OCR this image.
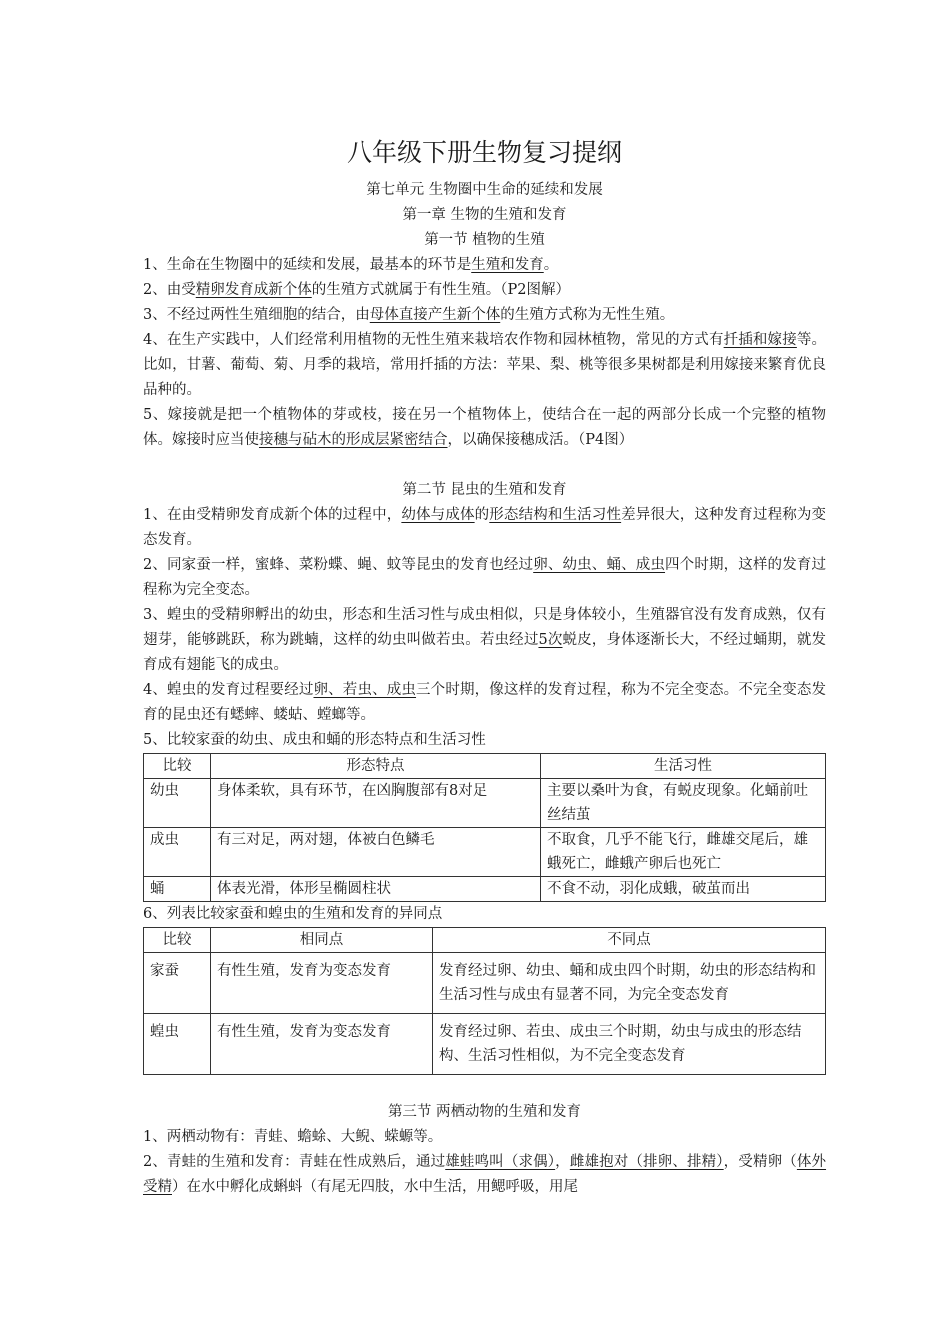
八年级下册生物复习提纲
第七单元 生物圈中生命的延续和发展
第一章 生物的生殖和发育
第一节 植物的生殖

1、生命在生物圈中的延续和发展，最基本的环节是生殖和发育。

2、由受精卵发育成新个体的生殖方式就属于有性生殖。（P2图解）

3、不经过两性生殖细胞的结合，由母体直接产生新个体的生殖方式称为无性生殖。

4、在生产实践中，人们经常利用植物的无性生殖来栽培农作物和园林植物，常见的方式有扦插和嫁接等。比如，甘薯、葡萄、菊、月季的栽培，常用扦插的方法：苹果、梨、桃等很多果树都是利用嫁接来繁育优良品种的。

5、嫁接就是把一个植物体的芽或枝，接在另一个植物体上，使结合在一起的两部分长成一个完整的植物体。嫁接时应当使接穗与砧木的形成层紧密结合，以确保接穗成活。（P4图）

第二节 昆虫的生殖和发育

1、在由受精卵发育成新个体的过程中，幼体与成体的形态结构和生活习性差异很大，这种发育过程称为变态发育。

2、同家蚕一样，蜜蜂、菜粉蝶、蝇、蚊等昆虫的发育也经过卵、幼虫、蛹、成虫四个时期，这样的发育过程称为完全变态。

3、蝗虫的受精卵孵出的幼虫，形态和生活习性与成虫相似，只是身体较小，生殖器官没有发育成熟，仅有翅芽，能够跳跃，称为跳蝻，这样的幼虫叫做若虫。若虫经过5次蜕皮，身体逐渐长大，不经过蛹期，就发育成有翅能飞的成虫。

4、蝗虫的发育过程要经过卵、若虫、成虫三个时期，像这样的发育过程，称为不完全变态。不完全变态发育的昆虫还有蟋蟀、蝼蛄、螳螂等。

5、比较家蚕的幼虫、成虫和蛹的形态特点和生活习性

比较	形态特点	生活习性
幼虫	身体柔软，具有环节，在凶胸腹部有8对足	主要以桑叶为食，有蜕皮现象。化蛹前吐丝结茧
成虫	有三对足，两对翅，体被白色鳞毛	不取食，几乎不能飞行，雌雄交尾后，雄蛾死亡，雌蛾产卵后也死亡
蛹	体表光滑，体形呈椭圆柱状	不食不动，羽化成蛾，破茧而出

6、列表比较家蚕和蝗虫的生殖和发育的异同点

比较	相同点	不同点
家蚕	有性生殖，发育为变态发育	发育经过卵、幼虫、蛹和成虫四个时期，幼虫的形态结构和生活习性与成虫有显著不同，为完全变态发育
蝗虫	有性生殖，发育为变态发育	发育经过卵、若虫、成虫三个时期，幼虫与成虫的形态结构、生活习性相似，为不完全变态发育
第三节 两栖动物的生殖和发育

1、两栖动物有：青蛙、蟾蜍、大鲵、蝾螈等。

2、青蛙的生殖和发育：青蛙在性成熟后，通过雄蛙鸣叫（求偶），雌雄抱对（排卵、排精），受精卵（体外受精）在水中孵化成蝌蚪（有尾无四肢，水中生活，用鳃呼吸，用尾
